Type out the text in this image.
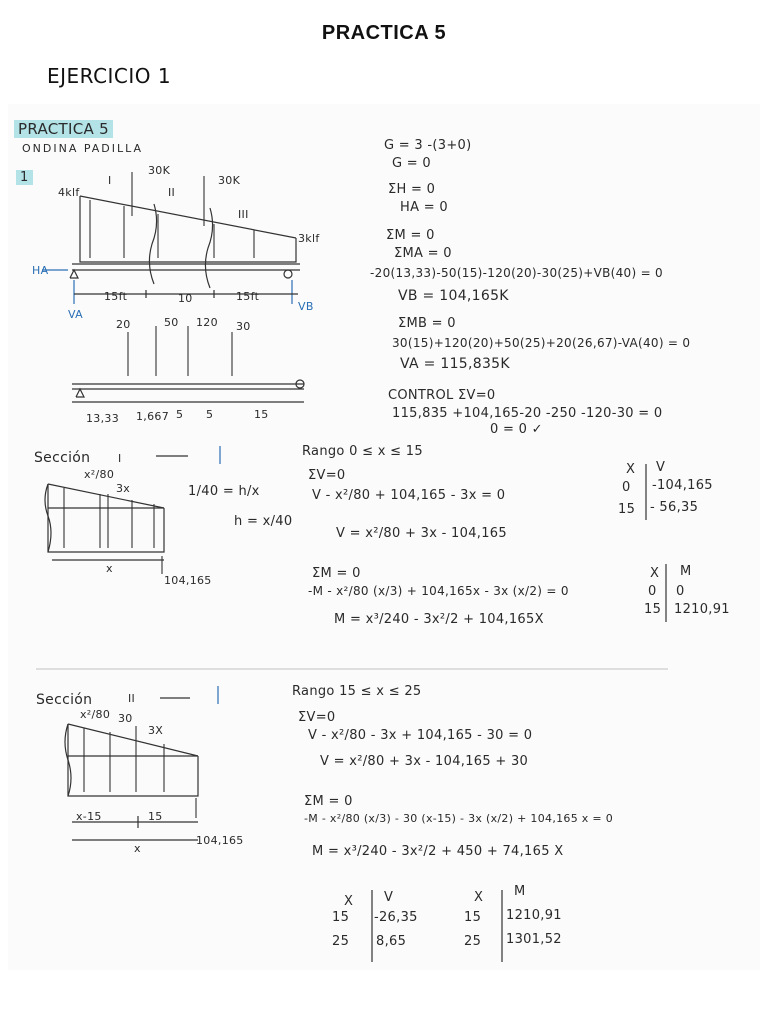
PRACTICA 5
EJERCICIO 1
PRACTICA 5
ONDINA PADILLA
1
4klf
3klf
30K
30K
I
II
III
HA
VA
VB
15ft	10	15ft
20	50 120 30
13,33 1,667 5 5	15
G = 3 -(3+0)
G = 0
ΣH = 0
HA = 0
ΣM = 0
ΣMA = 0
-20(13,33)-50(15)-120(20)-30(25)+VB(40) = 0
VB = 104,165K
ΣMB = 0
30(15)+120(20)+50(25)+20(26,67)-VA(40) = 0
VA = 115,835K
CONTROL ΣV=0
115,835 +104,165-20 -250 -120-30 = 0
0 = 0 ✓
Sección	I
x²/80
3x
x
104,165
1/40 = h/x
h = x/40
Rango 0 ≤ x ≤ 15
ΣV=0
V - x²/80 + 104,165 - 3x = 0
V = x²/80 + 3x - 104,165
ΣM = 0
-M - x²/80 (x/3) + 104,165x - 3x (x/2) = 0
M = x³/240 - 3x²/2 + 104,165X
X V
0 -104,165
15 - 56,35
X M
0 0
15 1210,91
Sección	II
x²/80 30
3X
x-15	15
x
104,165
Rango 15 ≤ x ≤ 25
ΣV=0
V - x²/80 - 3x + 104,165 - 30 = 0
V = x²/80 + 3x - 104,165 + 30
ΣM = 0
-M - x²/80 (x/3) - 30 (x-15) - 3x (x/2) + 104,165 x = 0
M = x³/240 - 3x²/2 + 450 + 74,165 X
X V
15 -26,35
25 8,65
X M
15 1210,91
25 1301,52
